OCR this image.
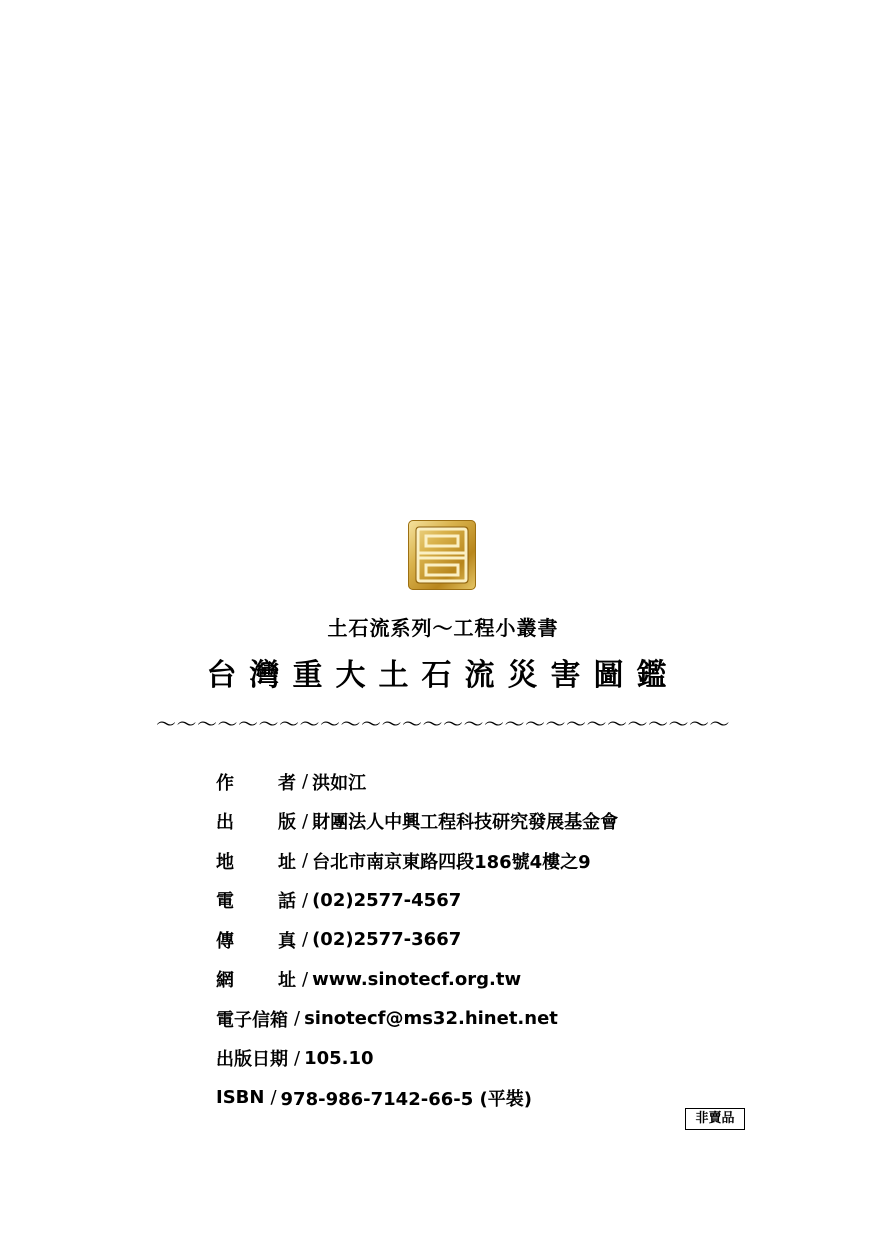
土石流系列～工程小叢書
台灣重大土石流災害圖鑑
～～～～～～～～～～～～～～～～～～～～～～～～～～～～
作 者 / 洪如江
出 版 / 財團法人中興工程科技研究發展基金會
地 址 / 台北市南京東路四段186號4樓之9
電 話 / (02)2577-4567
傳 真 / (02)2577-3667
網 址 / www.sinotecf.org.tw
電子信箱 / sinotecf@ms32.hinet.net
出版日期 / 105.10
ISBN / 978-986-7142-66-5 (平裝)
非賣品
